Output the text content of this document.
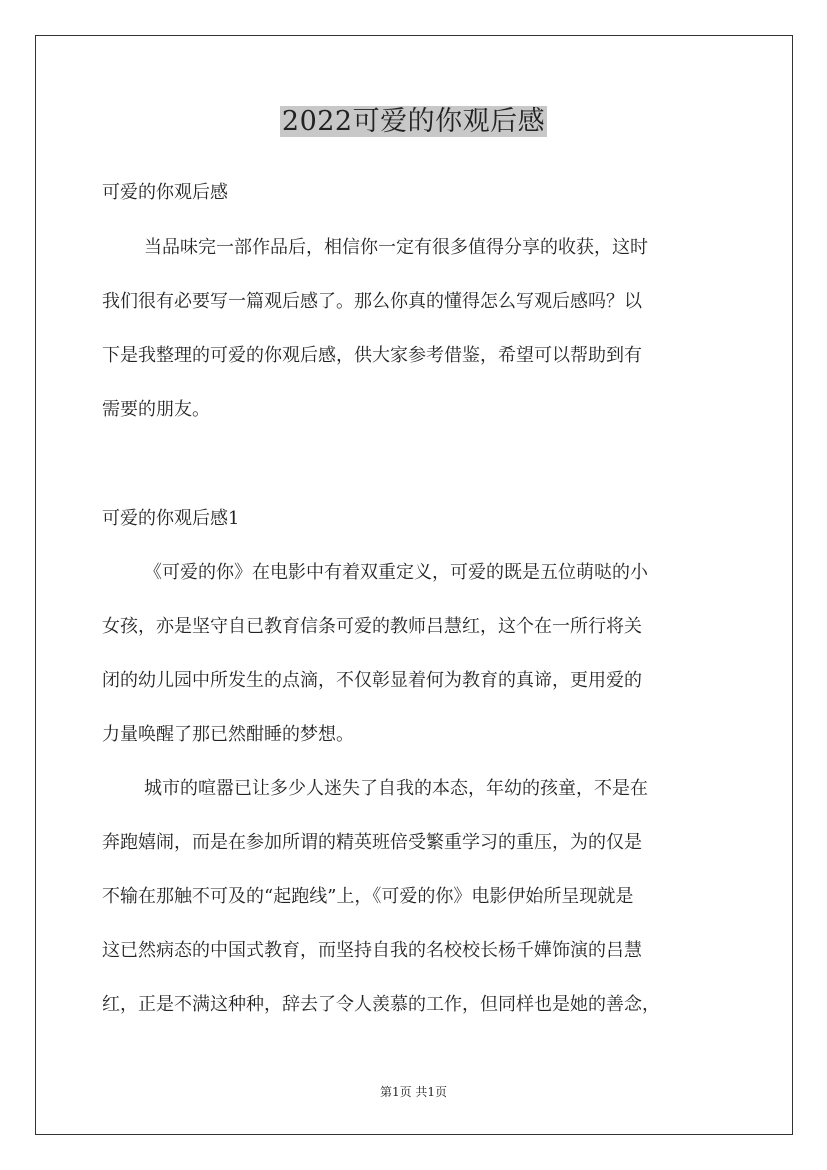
2022可爱的你观后感
可爱的你观后感
当品味完一部作品后，相信你一定有很多值得分享的收获，这时
我们很有必要写一篇观后感了。那么你真的懂得怎么写观后感吗？以
下是我整理的可爱的你观后感，供大家参考借鉴，希望可以帮助到有
需要的朋友。
可爱的你观后感1
《可爱的你》在电影中有着双重定义，可爱的既是五位萌哒的小
女孩，亦是坚守自已教育信条可爱的教师吕慧红，这个在一所行将关
闭的幼儿园中所发生的点滴，不仅彰显着何为教育的真谛，更用爱的
力量唤醒了那已然酣睡的梦想。
城市的喧嚣已让多少人迷失了自我的本态，年幼的孩童，不是在
奔跑嬉闹，而是在参加所谓的精英班倍受繁重学习的重压，为的仅是
不输在那触不可及的“起跑线”上，《可爱的你》电影伊始所呈现就是
这已然病态的中国式教育，而坚持自我的名校校长杨千嬅饰演的吕慧
红，正是不满这种种，辞去了令人羡慕的工作，但同样也是她的善念，
第1页 共1页
